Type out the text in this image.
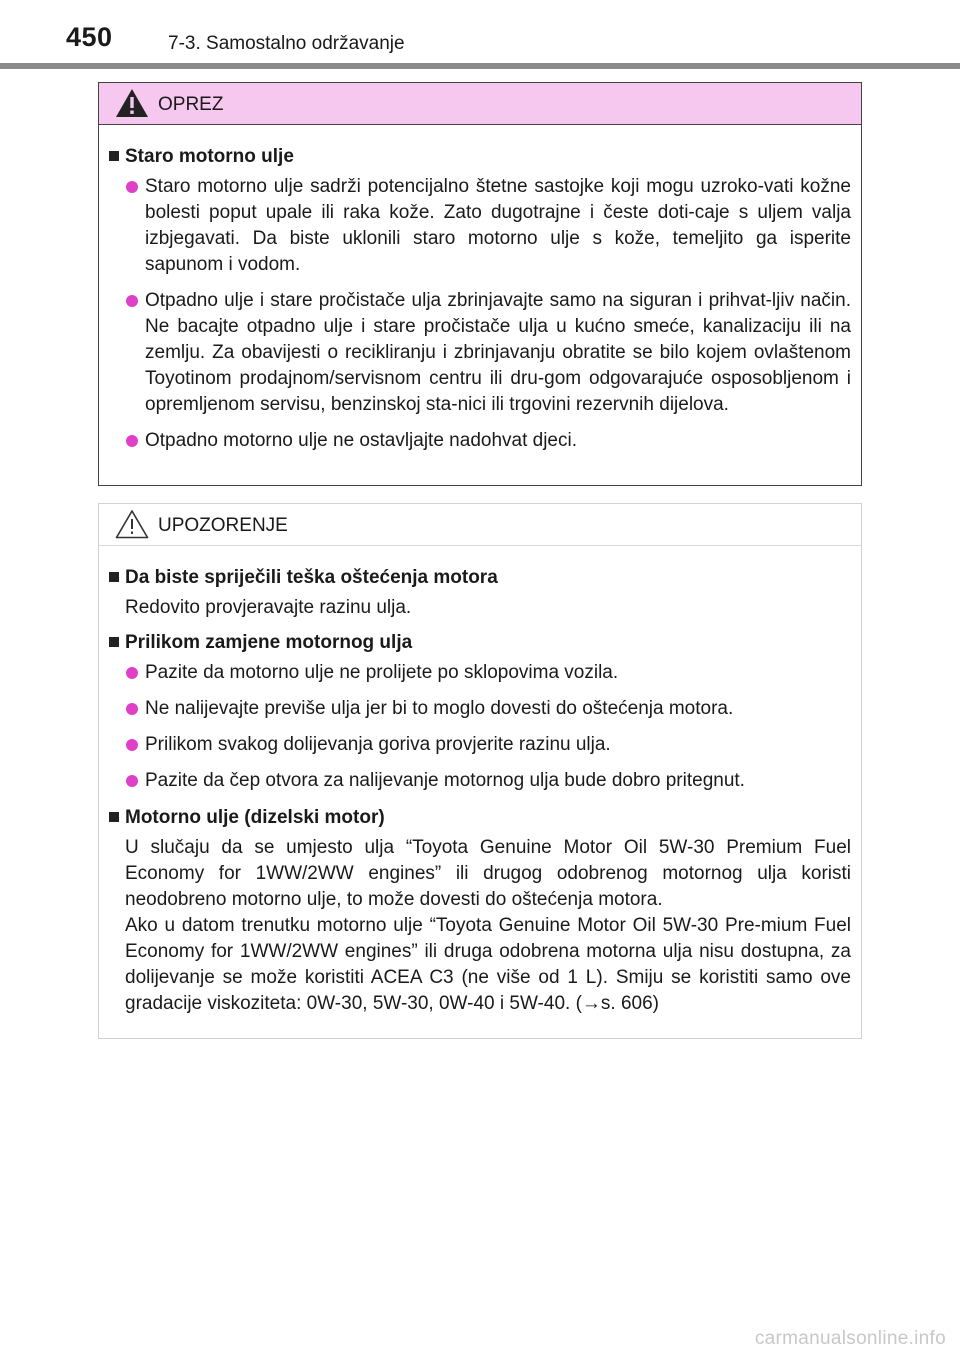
450	7-3. Samostalno održavanje
OPREZ
Staro motorno ulje
Staro motorno ulje sadrži potencijalno štetne sastojke koji mogu uzroko-vati kožne bolesti poput upale ili raka kože. Zato dugotrajne i česte doti-caje s uljem valja izbjegavati. Da biste uklonili staro motorno ulje s kože, temeljito ga isperite sapunom i vodom.
Otpadno ulje i stare pročistače ulja zbrinjavajte samo na siguran i prihvat-ljiv način. Ne bacajte otpadno ulje i stare pročistače ulja u kućno smeće, kanalizaciju ili na zemlju. Za obavijesti o recikliranju i zbrinjavanju obratite se bilo kojem ovlaštenom Toyotinom prodajnom/servisnom centru ili dru-gom odgovarajuće osposobljenom i opremljenom servisu, benzinskoj sta-nici ili trgovini rezervnih dijelova.
Otpadno motorno ulje ne ostavljajte nadohvat djeci.
UPOZORENJE
Da biste spriječili teška oštećenja motora
Redovito provjeravajte razinu ulja.
Prilikom zamjene motornog ulja
Pazite da motorno ulje ne prolijete po sklopovima vozila.
Ne nalijevajte previše ulja jer bi to moglo dovesti do oštećenja motora.
Prilikom svakog dolijevanja goriva provjerite razinu ulja.
Pazite da čep otvora za nalijevanje motornog ulja bude dobro pritegnut.
Motorno ulje (dizelski motor)
U slučaju da se umjesto ulja “Toyota Genuine Motor Oil 5W-30 Premium Fuel Economy for 1WW/2WW engines” ili drugog odobrenog motornog ulja koristi neodobreno motorno ulje, to može dovesti do oštećenja motora.
Ako u datom trenutku motorno ulje “Toyota Genuine Motor Oil 5W-30 Pre-mium Fuel Economy for 1WW/2WW engines” ili druga odobrena motorna ulja nisu dostupna, za dolijevanje se može koristiti ACEA C3 (ne više od 1 L). Smiju se koristiti samo ove gradacije viskoziteta: 0W-30, 5W-30, 0W-40 i 5W-40. (→s. 606)
carmanualsonline.info
